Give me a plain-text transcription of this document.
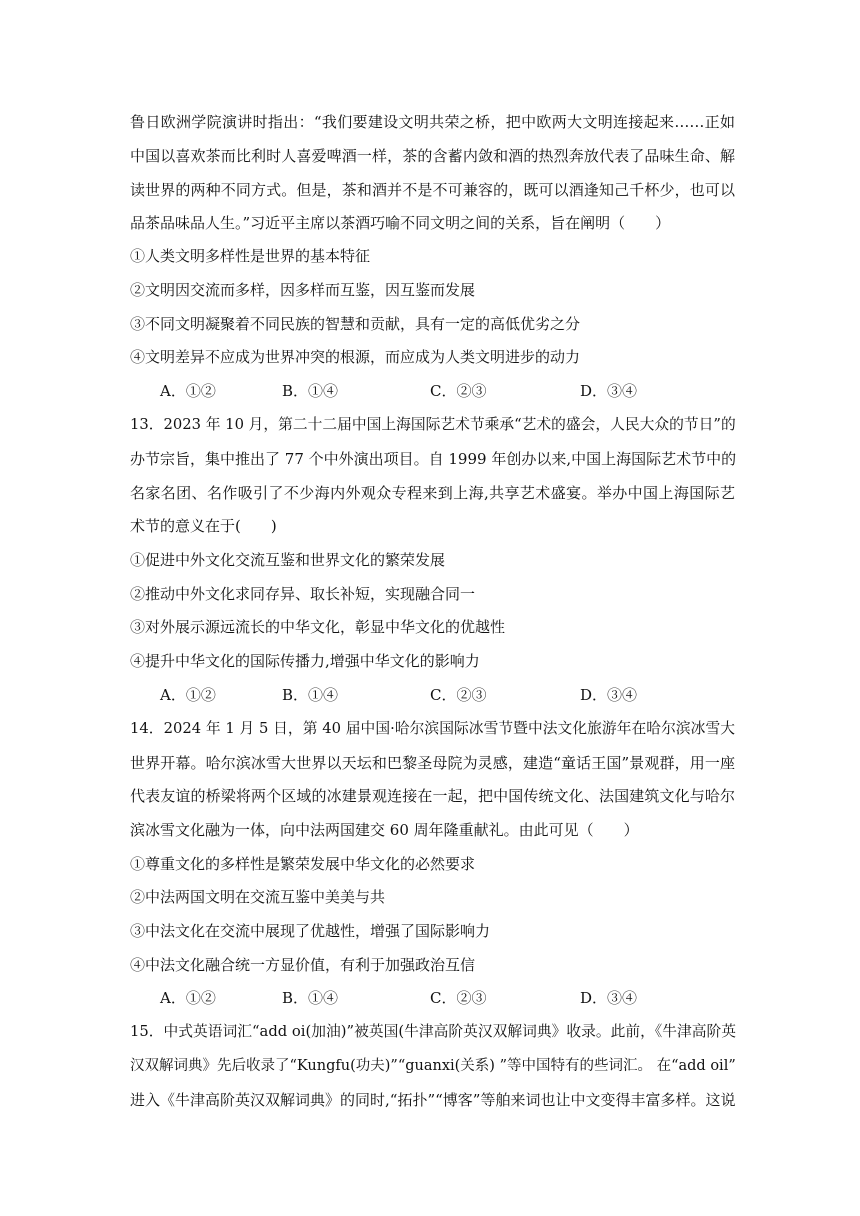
鲁日欧洲学院演讲时指出：“我们要建设文明共荣之桥，把中欧两大文明连接起来……正如
中国以喜欢茶而比利时人喜爱啤酒一样，茶的含蓄内敛和酒的热烈奔放代表了品味生命、解
读世界的两种不同方式。但是，茶和酒并不是不可兼容的，既可以酒逢知己千杯少，也可以
品茶品味品人生。”习近平主席以茶酒巧喻不同文明之间的关系，旨在阐明（　　）
①人类文明多样性是世界的基本特征
②文明因交流而多样，因多样而互鉴，因互鉴而发展
③不同文明凝聚着不同民族的智慧和贡献，具有一定的高低优劣之分
④文明差异不应成为世界冲突的根源，而应成为人类文明进步的动力
A．①②	B．①④	C．②③	D．③④
13．2023 年 10 月，第二十二届中国上海国际艺术节乘承“艺术的盛会，人民大众的节日”的
办节宗旨，集中推出了 77 个中外演出项目。自 1999 年创办以来,中国上海国际艺术节中的
名家名团、名作吸引了不少海内外观众专程来到上海,共享艺术盛宴。举办中国上海国际艺
术节的意义在于(　　)
①促进中外文化交流互鉴和世界文化的繁荣发展
②推动中外文化求同存异、取长补短，实现融合同一
③对外展示源远流长的中华文化，彰显中华文化的优越性
④提升中华文化的国际传播力,增强中华文化的影响力
A．①②	B．①④	C．②③	D．③④
14．2024 年 1 月 5 日，第 40 届中国·哈尔滨国际冰雪节暨中法文化旅游年在哈尔滨冰雪大
世界开幕。哈尔滨冰雪大世界以天坛和巴黎圣母院为灵感，建造“童话王国”景观群，用一座
代表友谊的桥梁将两个区域的冰建景观连接在一起，把中国传统文化、法国建筑文化与哈尔
滨冰雪文化融为一体，向中法两国建交 60 周年隆重献礼。由此可见（　　）
①尊重文化的多样性是繁荣发展中华文化的必然要求
②中法两国文明在交流互鉴中美美与共
③中法文化在交流中展现了优越性，增强了国际影响力
④中法文化融合统一方显价值，有利于加强政治互信
A．①②	B．①④	C．②③	D．③④
15．中式英语词汇“add oi(加油)”被英国(牛津高阶英汉双解词典》收录。此前，《牛津高阶英
汉双解词典》先后收录了“Kungfu(功夫)”“guanxi(关系) ”等中国特有的些词汇。 在“add oil”
进入《牛津高阶英汉双解词典》的同时,“拓扑”“博客”等舶来词也让中文变得丰富多样。这说
